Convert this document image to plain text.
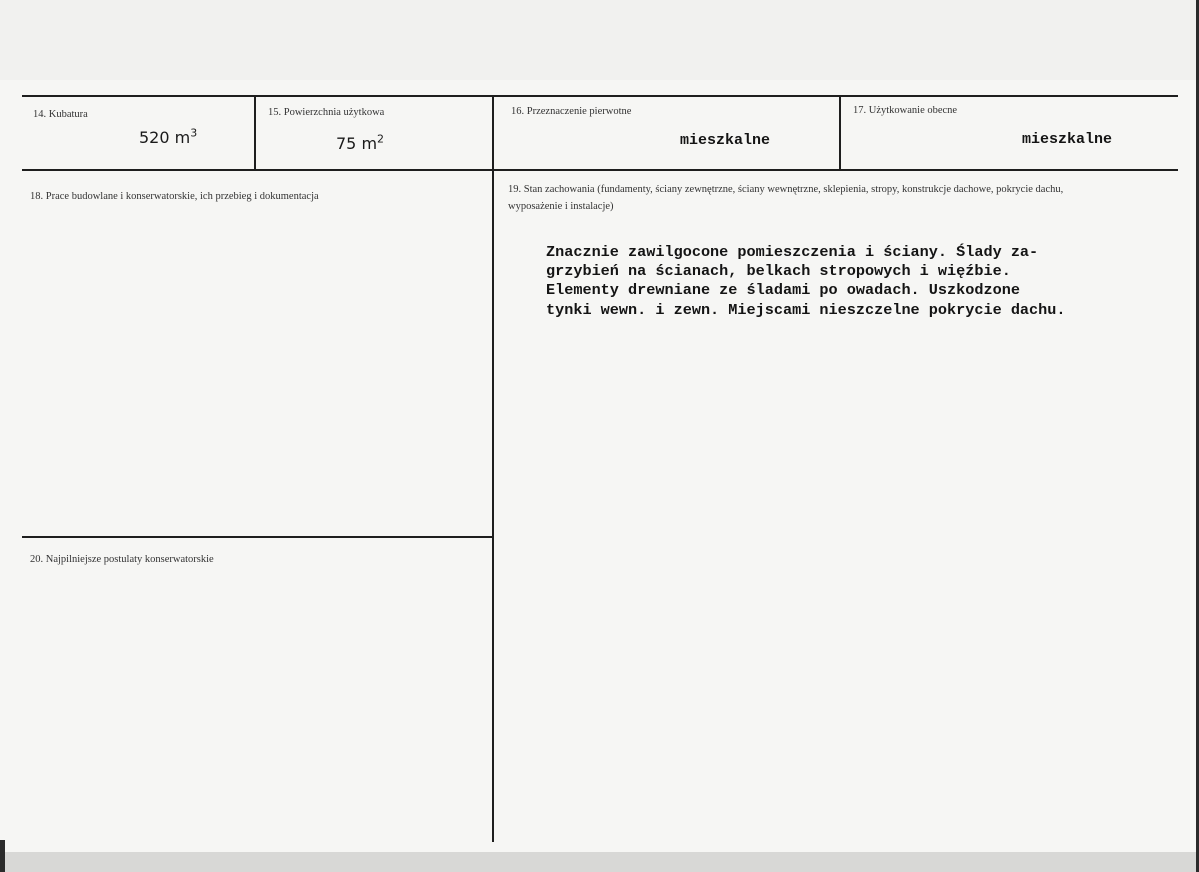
14. Kubatura
520 $m^3$
15. Powierzchnia użytkowa
75 $m^2$
16. Przeznaczenie pierwotne
mieszkalne
17. Użytkowanie obecne
mieszkalne
18. Prace budowlane i konserwatorskie, ich przebieg i dokumentacja
19. Stan zachowania (fundamenty, ściany zewnętrzne, ściany wewnętrzne, sklepienia, stropy, konstrukcje dachowe, pokrycie dachu, wyposażenie i instalacje)
Znacznie zawilgocone pomieszczenia i ściany. Ślady za-
grzybień na ścianach, belkach stropowych i więźbie.
Elementy drewniane ze śladami po owadach. Uszkodzone
tynki wewn. i zewn. Miejscami nieszczelne pokrycie dachu.
20. Najpilniejsze postulaty konserwatorskie
